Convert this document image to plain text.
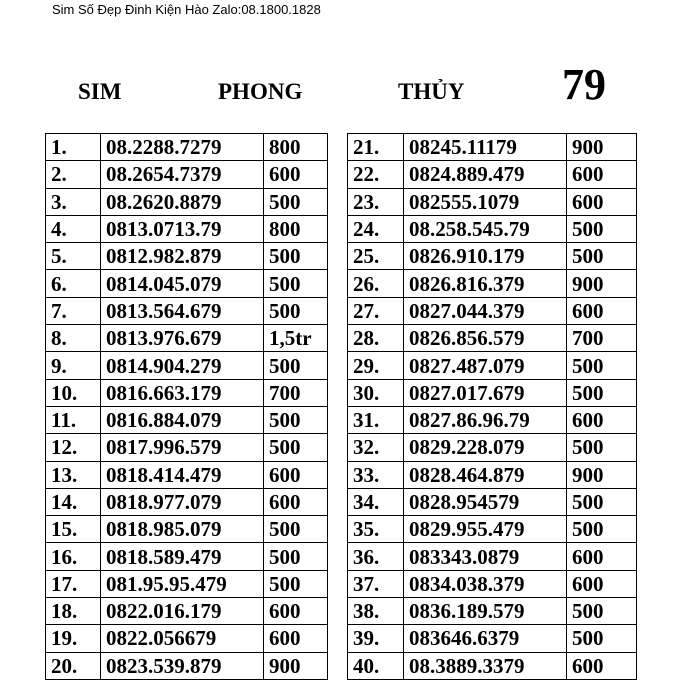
Sim Số Đẹp Đinh Kiện Hào Zalo:08.1800.1828
SIM	PHONG	THỦY 79
1.	08.2288.7279	800
2.	08.2654.7379	600
3.	08.2620.8879	500
4.	0813.0713.79	800
5.	0812.982.879	500
6.	0814.045.079	500
7.	0813.564.679	500
8.	0813.976.679	1,5tr
9.	0814.904.279	500
10.	0816.663.179	700
11.	0816.884.079	500
12.	0817.996.579	500
13.	0818.414.479	600
14.	0818.977.079	600
15.	0818.985.079	500
16.	0818.589.479	500
17.	081.95.95.479	500
18.	0822.016.179	600
19.	0822.056679	600
20.	0823.539.879	900
21.	08245.11179	900
22.	0824.889.479	600
23.	082555.1079	600
24.	08.258.545.79	500
25.	0826.910.179	500
26.	0826.816.379	900
27.	0827.044.379	600
28.	0826.856.579	700
29.	0827.487.079	500
30.	0827.017.679	500
31.	0827.86.96.79	600
32.	0829.228.079	500
33.	0828.464.879	900
34.	0828.954579	500
35.	0829.955.479	500
36.	083343.0879	600
37.	0834.038.379	600
38.	0836.189.579	500
39.	083646.6379	500
40.	08.3889.3379	600
